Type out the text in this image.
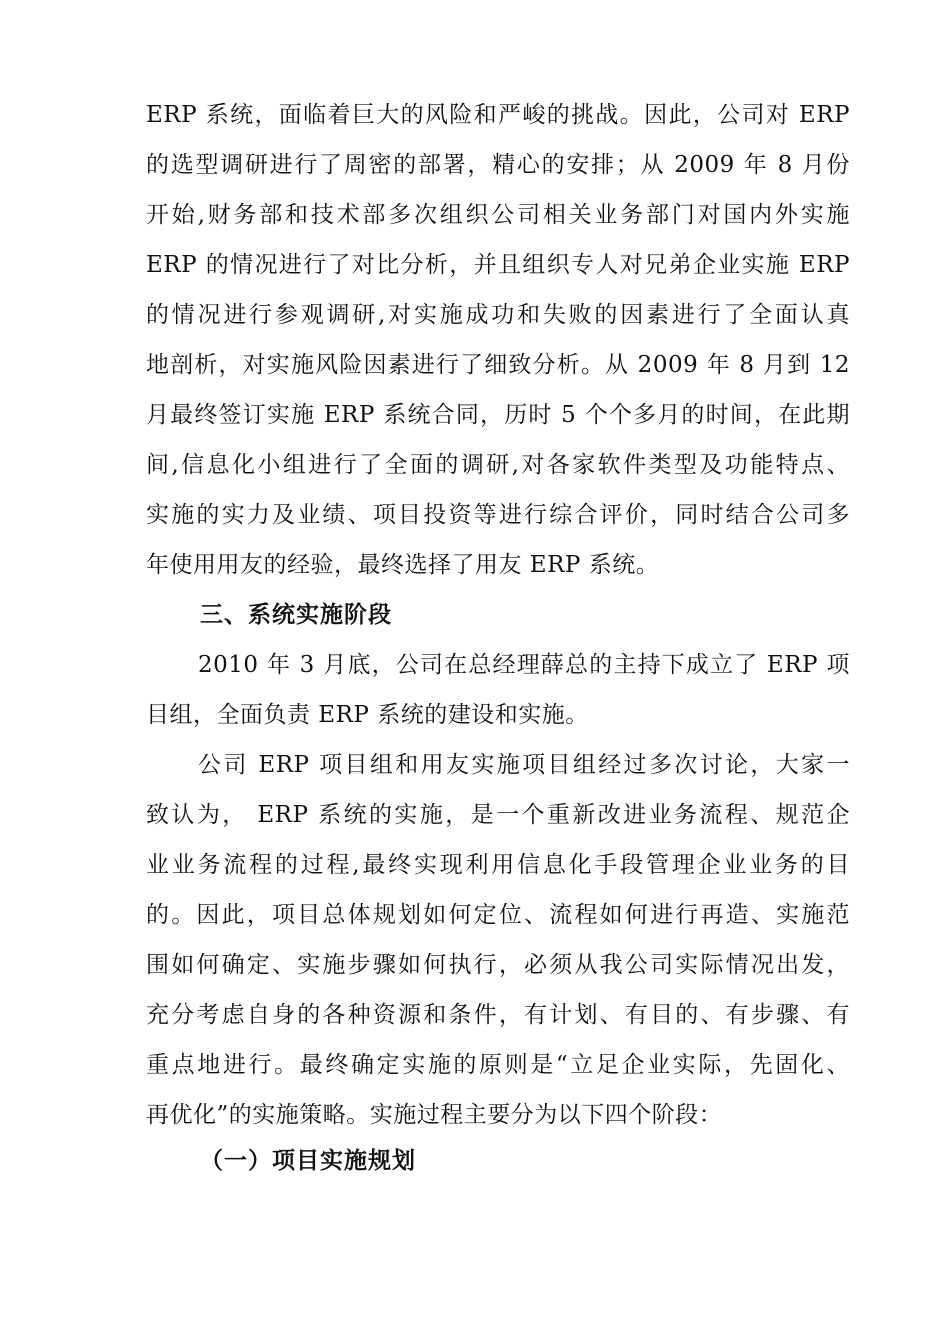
ERP 系统，面临着巨大的风险和严峻的挑战。因此，公司对 ERP
的选型调研进行了周密的部署，精心的安排；从 2009 年 8 月份
开始,财务部和技术部多次组织公司相关业务部门对国内外实施
ERP 的情况进行了对比分析，并且组织专人对兄弟企业实施 ERP
的情况进行参观调研,对实施成功和失败的因素进行了全面认真
地剖析，对实施风险因素进行了细致分析。从 2009 年 8 月到 12
月最终签订实施 ERP 系统合同，历时 5 个个多月的时间，在此期
间,信息化小组进行了全面的调研,对各家软件类型及功能特点、
实施的实力及业绩、项目投资等进行综合评价，同时结合公司多
年使用用友的经验，最终选择了用友 ERP 系统。
三、系统实施阶段
2010 年 3 月底，公司在总经理薛总的主持下成立了 ERP 项
目组，全面负责 ERP 系统的建设和实施。
公司 ERP 项目组和用友实施项目组经过多次讨论，大家一
致认为， ERP 系统的实施，是一个重新改进业务流程、规范企
业业务流程的过程,最终实现利用信息化手段管理企业业务的目
的。因此，项目总体规划如何定位、流程如何进行再造、实施范
围如何确定、实施步骤如何执行，必须从我公司实际情况出发，
充分考虑自身的各种资源和条件，有计划、有目的、有步骤、有
重点地进行。最终确定实施的原则是“立足企业实际，先固化、
再优化”的实施策略。实施过程主要分为以下四个阶段：
（一）项目实施规划
